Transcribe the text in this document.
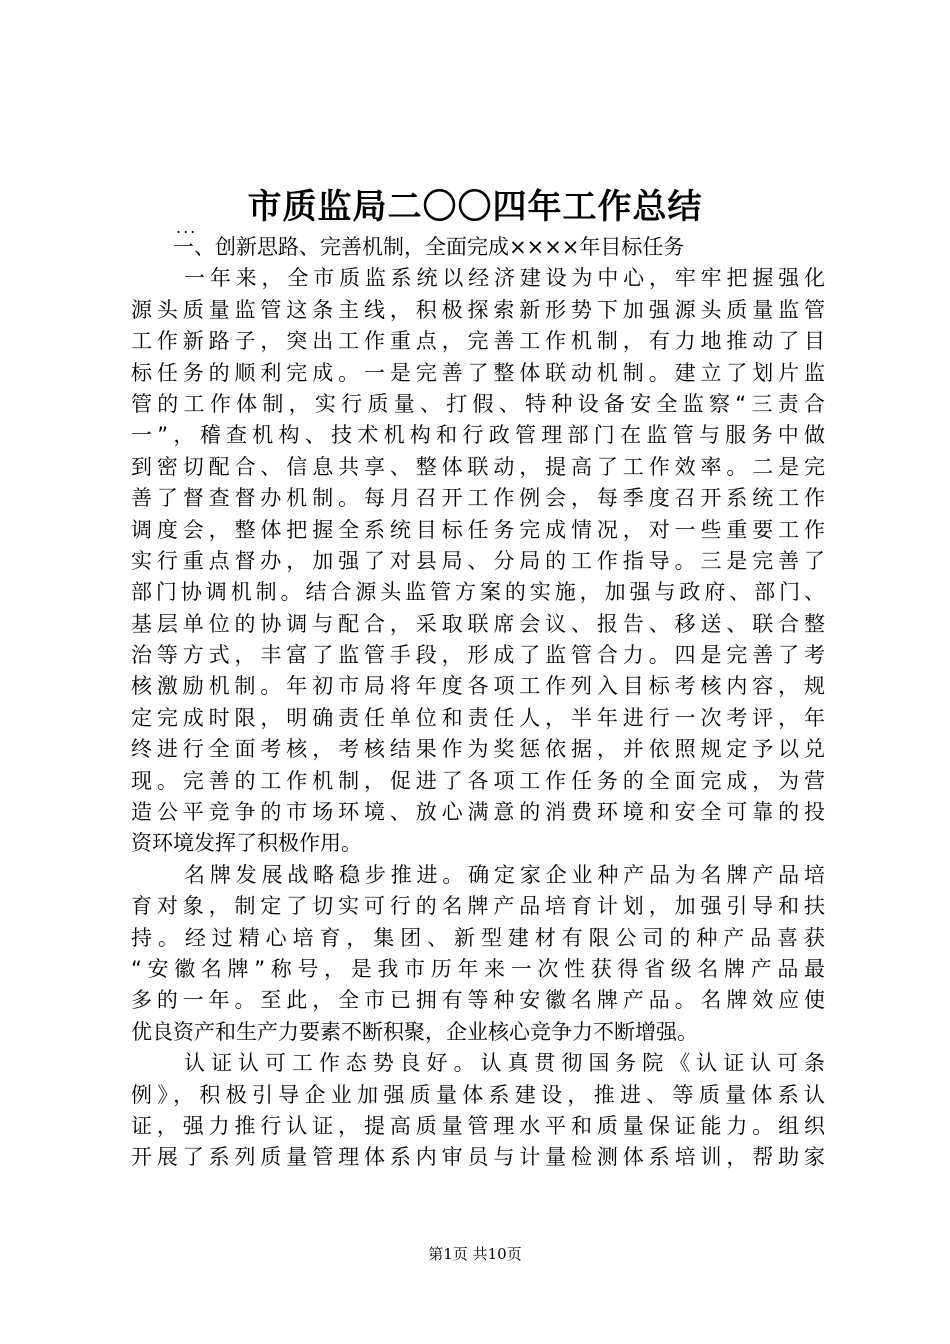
市质监局二〇〇四年工作总结
...
一、创新思路、完善机制，全面完成××××年目标任务
一年来，全市质监系统以经济建设为中心，牢牢把握强化
源头质量监管这条主线，积极探索新形势下加强源头质量监管
工作新路子，突出工作重点，完善工作机制，有力地推动了目
标任务的顺利完成。一是完善了整体联动机制。建立了划片监
管的工作体制，实行质量、打假、特种设备安全监察“三责合
一”，稽查机构、技术机构和行政管理部门在监管与服务中做
到密切配合、信息共享、整体联动，提高了工作效率。二是完
善了督查督办机制。每月召开工作例会，每季度召开系统工作
调度会，整体把握全系统目标任务完成情况，对一些重要工作
实行重点督办，加强了对县局、分局的工作指导。三是完善了
部门协调机制。结合源头监管方案的实施，加强与政府、部门、
基层单位的协调与配合，采取联席会议、报告、移送、联合整
治等方式，丰富了监管手段，形成了监管合力。四是完善了考
核激励机制。年初市局将年度各项工作列入目标考核内容，规
定完成时限，明确责任单位和责任人，半年进行一次考评，年
终进行全面考核，考核结果作为奖惩依据，并依照规定予以兑
现。完善的工作机制，促进了各项工作任务的全面完成，为营
造公平竞争的市场环境、放心满意的消费环境和安全可靠的投
资环境发挥了积极作用。
名牌发展战略稳步推进。确定家企业种产品为名牌产品培
育对象，制定了切实可行的名牌产品培育计划，加强引导和扶
持。经过精心培育，集团、新型建材有限公司的种产品喜获
“安徽名牌”称号，是我市历年来一次性获得省级名牌产品最
多的一年。至此，全市已拥有等种安徽名牌产品。名牌效应使
优良资产和生产力要素不断积聚，企业核心竞争力不断增强。
认证认可工作态势良好。认真贯彻国务院《认证认可条
例》，积极引导企业加强质量体系建设，推进、等质量体系认
证，强力推行认证，提高质量管理水平和质量保证能力。组织
开展了系列质量管理体系内审员与计量检测体系培训，帮助家
第1页 共10页
